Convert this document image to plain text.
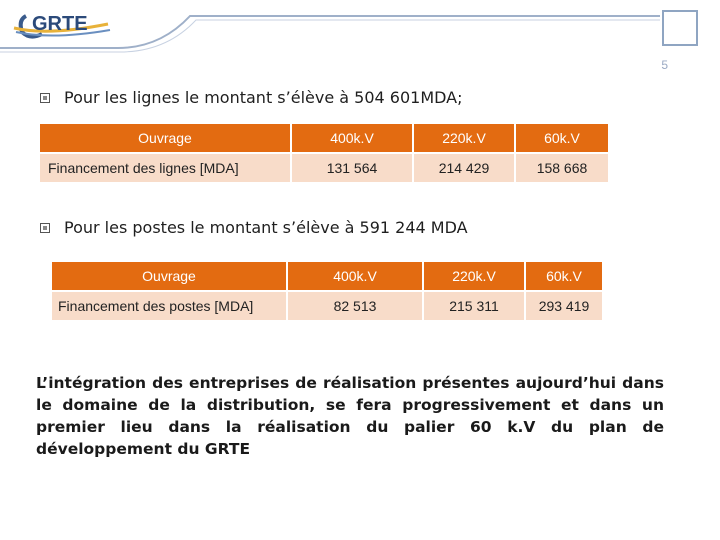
GRTE
5
Pour les lignes le montant s’élève à 504 601MDA;
Ouvrage	400k.V	220k.V	60k.V
Financement des lignes [MDA]	131 564	214 429	158 668
Pour les postes le montant s’élève à 591 244 MDA
Ouvrage	400k.V	220k.V	60k.V
Financement des postes [MDA]	82 513	215 311	293 419
L’intégration des entreprises de réalisation présentes aujourd’hui dans le domaine de la distribution, se fera progressivement et dans un premier lieu dans la réalisation du palier 60 k.V du plan de développement du GRTE
